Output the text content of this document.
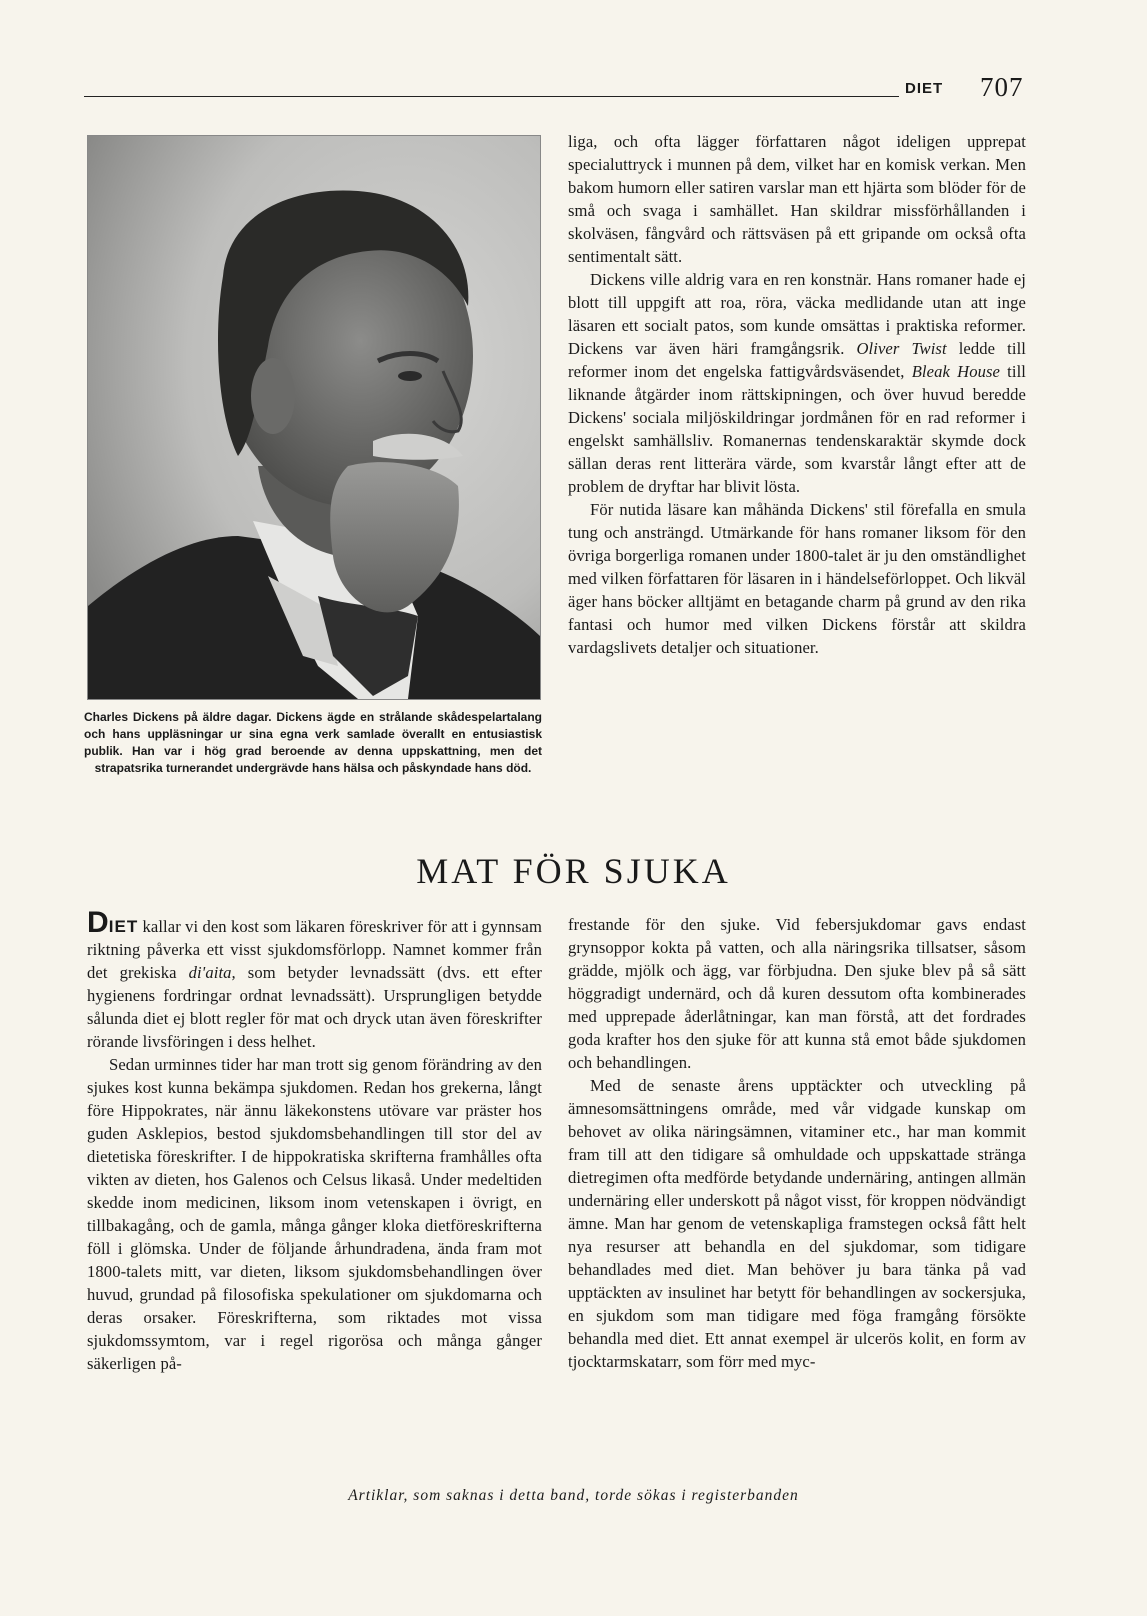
DIET 707

Charles Dickens på äldre dagar. Dickens ägde en strålande skådespelartalang och hans uppläsningar ur sina egna verk samlade överallt en entusiastisk publik. Han var i hög grad beroende av denna uppskattning, men det strapatsrika turnerandet undergrävde hans hälsa och påskyndade hans död.

liga, och ofta lägger författaren något ideligen upprepat specialuttryck i munnen på dem, vilket har en komisk verkan. Men bakom humorn eller satiren varslar man ett hjärta som blöder för de små och svaga i samhället. Han skildrar missförhållanden i skolväsen, fångvård och rättsväsen på ett gripande om också ofta sentimentalt sätt.

Dickens ville aldrig vara en ren konstnär. Hans romaner hade ej blott till uppgift att roa, röra, väcka medlidande utan att inge läsaren ett socialt patos, som kunde omsättas i praktiska reformer. Dickens var även häri framgångsrik. Oliver Twist ledde till reformer inom det engelska fattigvårdsväsendet, Bleak House till liknande åtgärder inom rättskipningen, och över huvud beredde Dickens' sociala miljöskildringar jordmånen för en rad reformer i engelskt samhällsliv. Romanernas tendenskaraktär skymde dock sällan deras rent litterära värde, som kvarstår långt efter att de problem de dryftar har blivit lösta.

För nutida läsare kan måhända Dickens' stil förefalla en smula tung och ansträngd. Utmärkande för hans romaner liksom för den övriga borgerliga romanen under 1800-talet är ju den omständlighet med vilken författaren för läsaren in i händelseförloppet. Och likväl äger hans böcker alltjämt en betagande charm på grund av den rika fantasi och humor med vilken Dickens förstår att skildra vardagslivets detaljer och situationer.

MAT FÖR SJUKA

DIET kallar vi den kost som läkaren föreskriver för att i gynnsam riktning påverka ett visst sjukdomsförlopp. Namnet kommer från det grekiska di'aita, som betyder levnadssätt (dvs. ett efter hygienens fordringar ordnat levnadssätt). Ursprungligen betydde sålunda diet ej blott regler för mat och dryck utan även föreskrifter rörande livsföringen i dess helhet.

Sedan urminnes tider har man trott sig genom förändring av den sjukes kost kunna bekämpa sjukdomen. Redan hos grekerna, långt före Hippokrates, när ännu läkekonstens utövare var präster hos guden Asklepios, bestod sjukdomsbehandlingen till stor del av dietetiska föreskrifter. I de hippokratiska skrifterna framhålles ofta vikten av dieten, hos Galenos och Celsus likaså. Under medeltiden skedde inom medicinen, liksom inom vetenskapen i övrigt, en tillbakagång, och de gamla, många gånger kloka dietföreskrifterna föll i glömska. Under de följande århundradena, ända fram mot 1800-talets mitt, var dieten, liksom sjukdomsbehandlingen över huvud, grundad på filosofiska spekulationer om sjukdomarna och deras orsaker. Föreskrifterna, som riktades mot vissa sjukdomssymtom, var i regel rigorösa och många gånger säkerligen på-

frestande för den sjuke. Vid febersjukdomar gavs endast grynsoppor kokta på vatten, och alla näringsrika tillsatser, såsom grädde, mjölk och ägg, var förbjudna. Den sjuke blev på så sätt höggradigt undernärd, och då kuren dessutom ofta kombinerades med upprepade åderlåtningar, kan man förstå, att det fordrades goda krafter hos den sjuke för att kunna stå emot både sjukdomen och behandlingen.

Med de senaste årens upptäckter och utveckling på ämnesomsättningens område, med vår vidgade kunskap om behovet av olika näringsämnen, vitaminer etc., har man kommit fram till att den tidigare så omhuldade och uppskattade stränga dietregimen ofta medförde betydande undernäring, antingen allmän undernäring eller underskott på något visst, för kroppen nödvändigt ämne. Man har genom de vetenskapliga framstegen också fått helt nya resurser att behandla en del sjukdomar, som tidigare behandlades med diet. Man behöver ju bara tänka på vad upptäckten av insulinet har betytt för behandlingen av sockersjuka, en sjukdom som man tidigare med föga framgång försökte behandla med diet. Ett annat exempel är ulcerös kolit, en form av tjocktarmskatarr, som förr med myc-

Artiklar, som saknas i detta band, torde sökas i registerbanden
